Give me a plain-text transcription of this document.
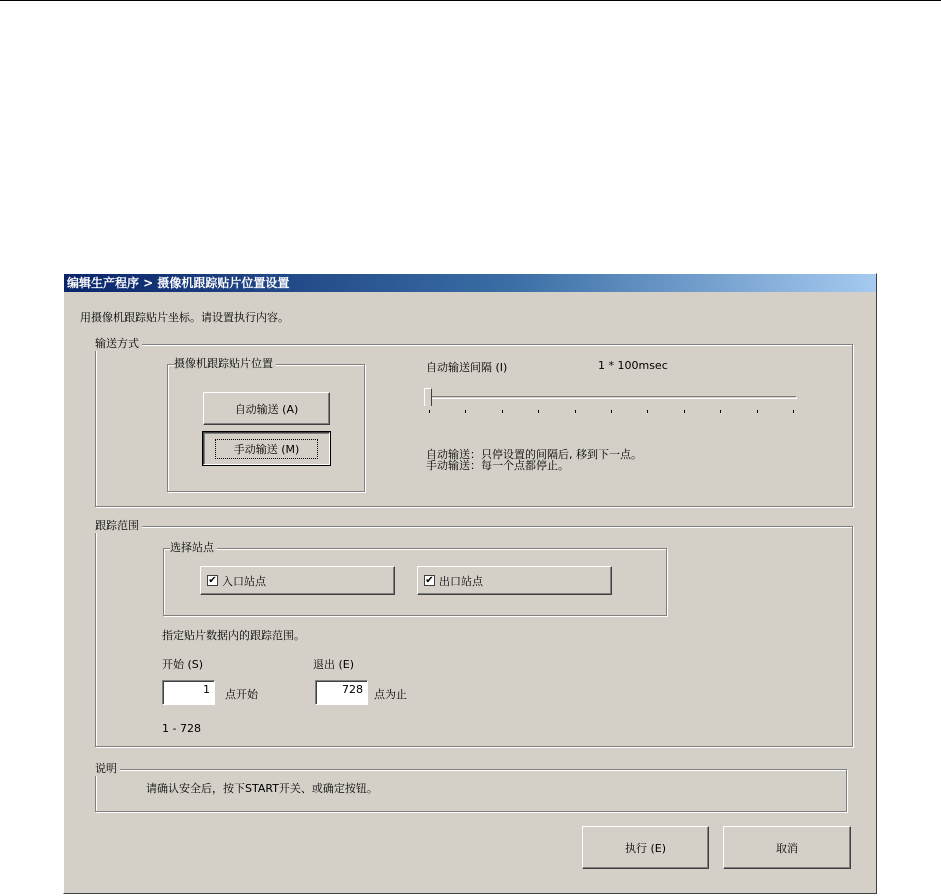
编辑生产程序 > 摄像机跟踪贴片位置设置
用摄像机跟踪贴片坐标。请设置执行内容。
输送方式
摄像机跟踪贴片位置
自动输送 (A)
手动输送 (M)
自动输送间隔 (I)	1 * 100msec
自动输送：只停设置的间隔后, 移到下一点。
手动输送：每一个点都停止。
跟踪范围
选择站点
✔ 入口站点	✔ 出口站点
指定贴片数据内的跟踪范围。
开始 (S)
1	点开始
退出 (E)
728	点为止
1 - 728
说明
请确认安全后，按下START开关、或确定按钮。
执行 (E)	取消
